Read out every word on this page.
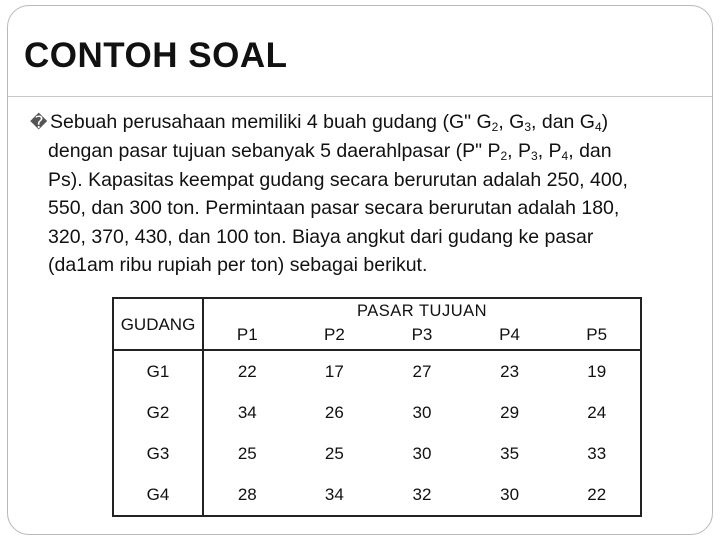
CONTOH SOAL
� Sebuah perusahaan memiliki 4 buah gudang (G" $G_2$, $G_3$, dan $G_4$)
dengan pasar tujuan sebanyak 5 daerahlpasar (P" $P_2$, $P_3$, $P_4$, dan
Ps). Kapasitas keempat gudang secara berurutan adalah 250, 400,
550, dan 300 ton. Permintaan pasar secara berurutan adalah 180,
320, 370, 430, dan 100 ton. Biaya angkut dari gudang ke pasar
(da1am ribu rupiah per ton) sebagai berikut.
GUDANG	PASAR TUJUAN				
	P1	P2	P3	P4	P5
G1	22	17	27	23	19
G2	34	26	30	29	24
G3	25	25	30	35	33
G4	28	34	32	30	22
